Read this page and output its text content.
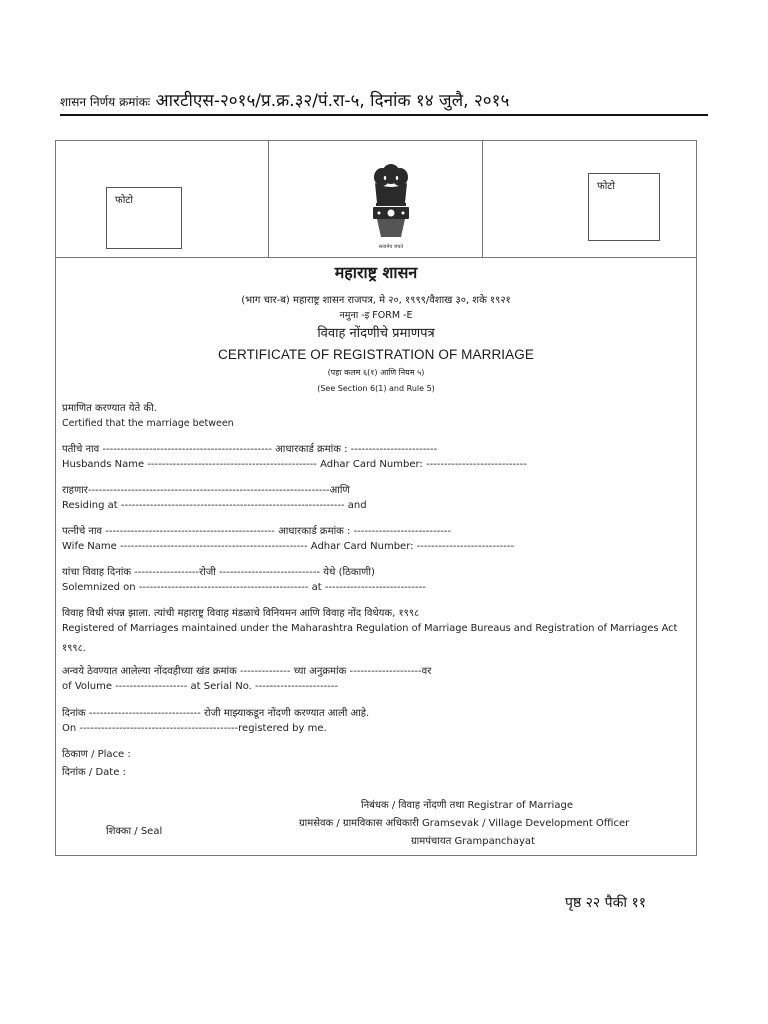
शासन निर्णय क्रमांकः आरटीएस-२०१५/प्र.क्र.३२/पं.रा-५, दिनांक १४ जुलै, २०१५
फोटो
सत्यमेव जयते
फोटो
महाराष्ट्र शासन
(भाग चार-ब) महाराष्ट्र शासन राजपत्र, मे २०, १९९९/वैशाख ३०, शके १९२१
नमुना -इ FORM -E
विवाह नोंदणीचे प्रमाणपत्र
CERTIFICATE OF REGISTRATION OF MARRIAGE
(पहा कलम ६(१) आणि नियम ५)
(See Section 6(1) and Rule 5)
प्रमाणित करण्यात येते की.
Certified that the marriage between
पतीचे नाव ----------------------------------------------- आधारकार्ड क्रमांक : ------------------------
Husbands Name ----------------------------------------------- Adhar Card Number: ----------------------------
राहणार-------------------------------------------------------------------आणि
Residing at -------------------------------------------------------------- and
पत्नीचे नाव ----------------------------------------------- आधारकार्ड क्रमांक : ---------------------------
Wife Name ---------------------------------------------------- Adhar Card Number: ---------------------------
यांचा विवाह दिनांक ------------------रोजी ---------------------------- येथे (ठिकाणी)
Solemnized on ----------------------------------------------- at ----------------------------
विवाह विधी संपन्न झाला. त्यांची महाराष्ट्र विवाह मंडळाचे विनियमन आणि विवाह नोंद विधेयक, १९९८
Registered of Marriages maintained under the Maharashtra Regulation of Marriage Bureaus and Registration of Marriages Act
१९९८.
अन्वये ठेवण्यात आलेल्या नोंदवहीच्या खंड क्रमांक -------------- च्या अनुक्रमांक --------------------वर
of Volume -------------------- at Serial No. -----------------------
दिनांक ------------------------------- रोजी माझ्याकडून नोंदणी करण्यात आली आहे.
On --------------------------------------------registered by me.
ठिकाण / Place :
दिनांक / Date :
निबंधक / विवाह नोंदणी तथा Registrar of Marriage
ग्रामसेवक / ग्रामविकास अधिकारी Gramsevak / Village Development Officer
ग्रामपंचायत Grampanchayat
शिक्का / Seal
पृष्ठ २२ पैकी ११
